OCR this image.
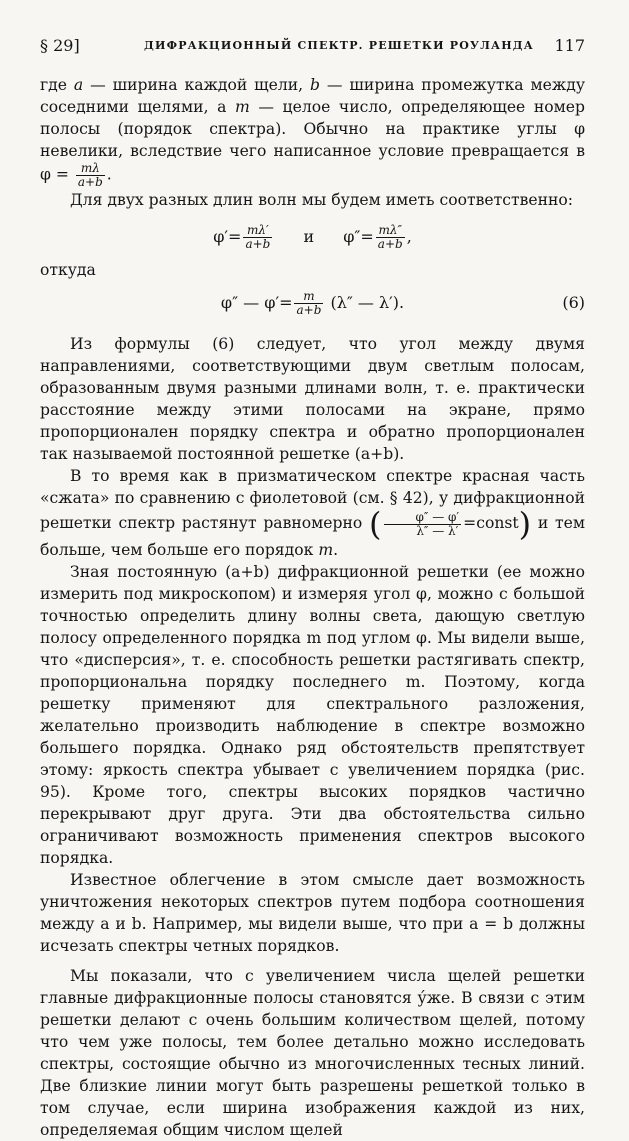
§ 29]	ДИФРАКЦИОННЫЙ СПЕКТР. РЕШЕТКИ РОУЛАНДА 117

где a — ширина каждой щели, b — ширина промежутка между соседними щелями, а m — целое число, определяющее номер полосы (порядок спектра). Обычно на практике углы φ невелики, вследствие чего написанное условие превращается в $\varphi = \frac{m\lambda}{a+b}$ .

Для двух разных длин волн мы будем иметь соответственно:

$\varphi'= \frac{m\lambda'}{a+b}$ и $\varphi''= \frac{m\lambda''}{a+b}$ ,

откуда

φ″ — $\varphi'= \frac{m}{a+b} (\lambda''$ — λ′).	(6)

Из формулы (6) следует, что угол между двумя направлениями, соответствующими двум светлым полосам, образованным двумя разными длинами волн, т. е. практически расстояние между этими полосами на экране, прямо пропорционален порядку спектра и обратно пропорционален так называемой постоянной решетке (a+b).

В то время как в призматическом спектре красная часть «сжата» по сравнению с фиолетовой (см. § 42), у дифракционной решетки спектр растянут равномерно ( $\frac{\varphi'' — \varphi'}{\lambda'' — \lambda'}$ =const) и тем больше, чем больше его порядок m.

Зная постоянную (a+b) дифракционной решетки (ее можно измерить под микроскопом) и измеряя угол φ, можно с большой точностью определить длину волны света, дающую светлую полосу определенного порядка m под углом φ. Мы видели выше, что «дисперсия», т. е. способность решетки растягивать спектр, пропорциональна порядку последнего m. Поэтому, когда решетку применяют для спектрального разложения, желательно производить наблюдение в спектре возможно большего порядка. Однако ряд обстоятельств препятствует этому: яркость спектра убывает с увеличением порядка (рис. 95). Кроме того, спектры высоких порядков частично перекрывают друг друга. Эти два обстоятельства сильно ограничивают возможность применения спектров высокого порядка.

Известное облегчение в этом смысле дает возможность уничтожения некоторых спектров путем подбора соотношения между a и b. Например, мы видели выше, что при a = b должны исчезать спектры четных порядков.

Мы показали, что с увеличением числа щелей решетки главные дифракционные полосы становятся у́же. В связи с этим решетки делают с очень большим количеством щелей, потому что чем уже полосы, тем более детально можно исследовать спектры, состоящие обычно из многочисленных тесных линий. Две близкие линии могут быть разрешены решеткой только в том случае, если ширина изображения каждой из них, определяемая общим числом щелей
